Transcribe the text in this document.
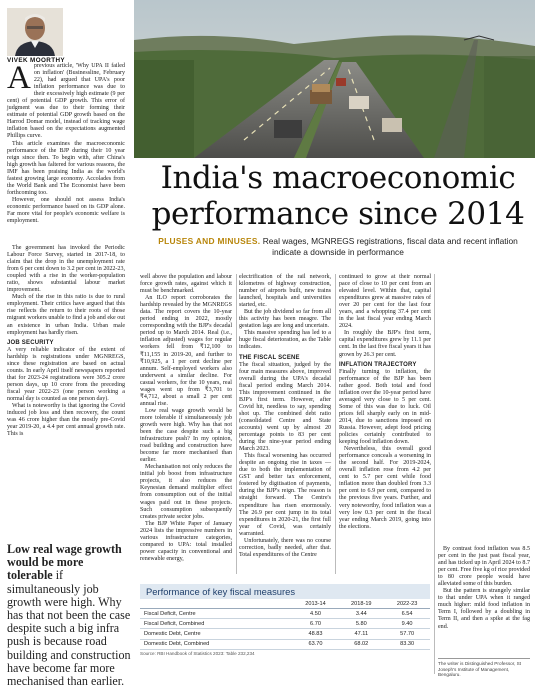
VIVEK MOORTHY

Aprevious article, 'Why UPA II failed on inflation' (Businessline, February 22), had argued that UPA's poor inflation performance was due to their excessively high estimate (9 per cent) of potential GDP growth. This error of judgment was due to their forming their estimate of potential GDP growth based on the Harrod Domar model, instead of tracking wage inflation based on the expectations augmented Phillips curve.

This article examines the macroeconomic performance of the BJP during their 10 year reign since then. To begin with, after China's high growth has faltered for various reasons, the IMF has been praising India as the world's fastest growing large economy. Accolades from the World Bank and The Economist have been forthcoming too.

However, one should not assess India's economic performance based on its GDP alone. Far more vital for people's economic welfare is employment.

The government has invoked the Periodic Labour Force Survey, started in 2017-18, to claim that the drop in the unemployment rate from 6 per cent down to 3.2 per cent in 2022-23, coupled with a rise in the worker-population ratio, shows substantial labour market improvement.

Much of the rise in this ratio is due to rural employment. Their critics have argued that this rise reflects the return to their roots of those migrant workers unable to find a job and eke out an existence in urban India. Urban male employment has hardly risen.

JOB SECURITY

A very reliable indicator of the extent of hardship is registrations under MGNREGS, since these registration are based on actual counts. In early April itself newspapers reported that for 2023-24 registrations were 305.2 crore person days, up 10 crore from the preceding fiscal year 2022-23 (one person working a normal day is counted as one person day).

What is noteworthy is that ignoring the Covid induced job loss and then recovery, the count was 46 crore higher than the mostly pre-Covid year 2019-20, a 4.4 per cent annual growth rate. This is

Low real wage growth would be more tolerable if simultaneously job growth were high. Why has that not been the case despite such a big infra push is because road building and construction have become far more mechanised than earlier.
India's macroeconomic
performance since 2014
PLUSES AND MINUSES. Real wages, MGNREGS registrations, fiscal data and recent inflation indicate a downside in performance

well above the population and labour force growth rates, against which it must be benchmarked.

An ILO report corroborates the hardship revealed by the MGNREGS data. The report covers the 10-year period ending in 2022, mostly corresponding with the BJP's decadal period up to March 2014. Real (i.e., inflation adjusted) wages for regular workers fell from ₹12,100 to ₹11,155 in 2019-20, and further to ₹10,925, a 1 per cent decline per annum. Self-employed workers also underwent a similar decline. For casual workers, for the 10 years, real wages went up from ₹3,701 to ₹4,712, about a small 2 per cent annual rise.

Low real wage growth would be more tolerable if simultaneously job growth were high. Why has that not been the case despite such a big infrastructure push? In my opinion, road building and construction have become far more mechanised than earlier.

Mechanisation not only reduces the initial job boost from infrastructure projects, it also reduces the Keynesian demand multiplier effect from consumption out of the initial wages paid out in these projects. Such consumption subsequently creates private sector jobs.

The BJP White Paper of January 2024 lists the impressive numbers in various infrastructure categories, compared to UPA: total installed power capacity in conventional and renewable energy,

electrification of the rail network, kilometres of highway construction, number of airports built, new trains launched, hospitals and universities started, etc.

But the job dividend so far from all this activity has been meagre. The gestation lags are long and uncertain.

This massive spending has led to a huge fiscal deterioration, as the Table indicates.

THE FISCAL SCENE

The fiscal situation, judged by the four main measures above, improved overall during the UPA's decadal fiscal period ending March 2014. This improvement continued in the BJP's first term. However, after Covid hit, needless to say, spending shot up. The combined debt ratio (consolidated Centre and State accounts) went up by almost 20 percentage points to 83 per cent during the nine-year period ending March 2023.

This fiscal worsening has occurred despite an ongoing rise in taxes — due to both the implementation of GST and better tax enforcement, fostered by digitisation of payments, during the BJP's reign. The reason is straight forward. The Centre's expenditure has risen enormously. The 26.9 per cent jump in its total expenditures in 2020-21, the first full year of Covid, was certainly warranted.

Unfortunately, there was no course correction, badly needed, after that. Total expenditures of the Centre

continued to grow at their normal pace of close to 10 per cent from an elevated level. Within that, capital expenditures grew at massive rates of over 20 per cent for the last four years, and a whopping 37.4 per cent in the last fiscal year ending March 2024.

In roughly the BJP's first term, capital expenditures grew by 11.1 per cent. In the last five fiscal years it has grown by 26.3 per cent.

INFLATION TRAJECTORY

Finally turning to inflation, the performance of the BJP has been rather good. Both total and food inflation over the 10-year period have averaged very close to 5 per cent. Some of this was due to luck. Oil prices fell sharply early on in mid-2014, due to sanctions imposed on Russia. However, adept food pricing policies certainly contributed to keeping food inflation down.

Nevertheless, this overall good performance conceals a worsening in the second half. For 2019-2024, overall inflation rose from 4.2 per cent to 5.7 per cent while food inflation more than doubled from 3.3 per cent to 6.9 per cent, compared to the previous five years. Further, and very noteworthy, food inflation was a very low 0.3 per cent in the fiscal year ending March 2019, going into the elections.

By contrast food inflation was 8.5 per cent in the just past fiscal year, and has ticked up in April 2024 to 8.7 per cent. Free five kg of rice provided to 80 crore people would have alleviated some of this burden.

But the pattern is strangely similar to that under UPA when it ranged much higher: mild food inflation in Term I, followed by a doubling in Term II, and then a spike at the fag end.

Performance of key fiscal measures
	2013-14	2018-19	2022-23
Fiscal Deficit, Centre	4.50	3.44	6.54
Fiscal Deficit, Combined	6.70	5.80	9.40
Domestic Debt, Centre	48.83	47.11	57.70
Domestic Debt, Combined	63.70	68.02	83.30
Source: RBI Handbook of Statistics 2023: Table 232,234
The writer is Distinguished Professor, St Joseph's Institute of Management, Bengaluru.
